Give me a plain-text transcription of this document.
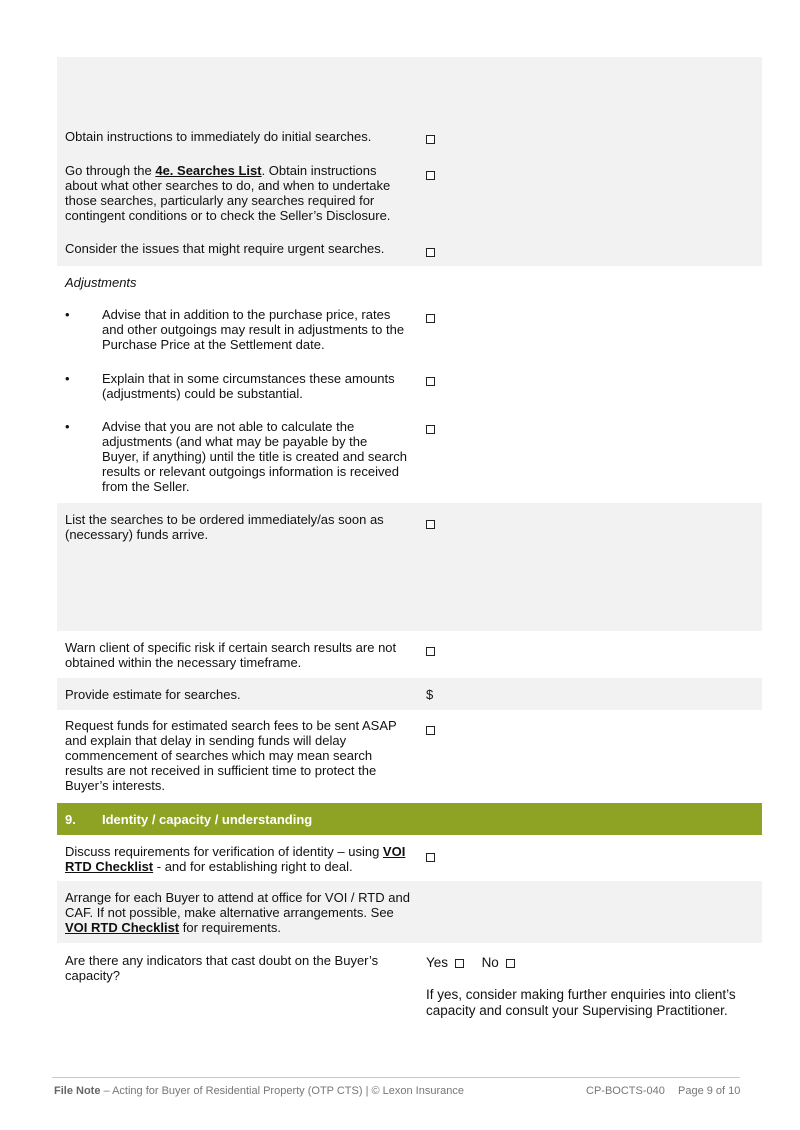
Obtain instructions to immediately do initial searches.
Go through the 4e. Searches List. Obtain instructions about what other searches to do, and when to undertake those searches, particularly any searches required for contingent conditions or to check the Seller’s Disclosure.
Consider the issues that might require urgent searches.
Adjustments
• Advise that in addition to the purchase price, rates and other outgoings may result in adjustments to the Purchase Price at the Settlement date.
• Explain that in some circumstances these amounts (adjustments) could be substantial.
• Advise that you are not able to calculate the adjustments (and what may be payable by the Buyer, if anything) until the title is created and search results or relevant outgoings information is received from the Seller.
List the searches to be ordered immediately/as soon as (necessary) funds arrive.
Warn client of specific risk if certain search results are not obtained within the necessary timeframe.
Provide estimate for searches.	$
Request funds for estimated search fees to be sent ASAP and explain that delay in sending funds will delay commencement of searches which may mean search results are not received in sufficient time to protect the Buyer’s interests.
9. Identity / capacity / understanding
Discuss requirements for verification of identity – using VOI RTD Checklist - and for establishing right to deal.
Arrange for each Buyer to attend at office for VOI / RTD and CAF. If not possible, make alternative arrangements. See VOI RTD Checklist for requirements.
Are there any indicators that cast doubt on the Buyer’s capacity?
Yes No
If yes, consider making further enquiries into client’s capacity and consult your Supervising Practitioner.
File Note – Acting for Buyer of Residential Property (OTP CTS) | © Lexon Insurance	CP-BOCTS-040 Page 9 of 10
